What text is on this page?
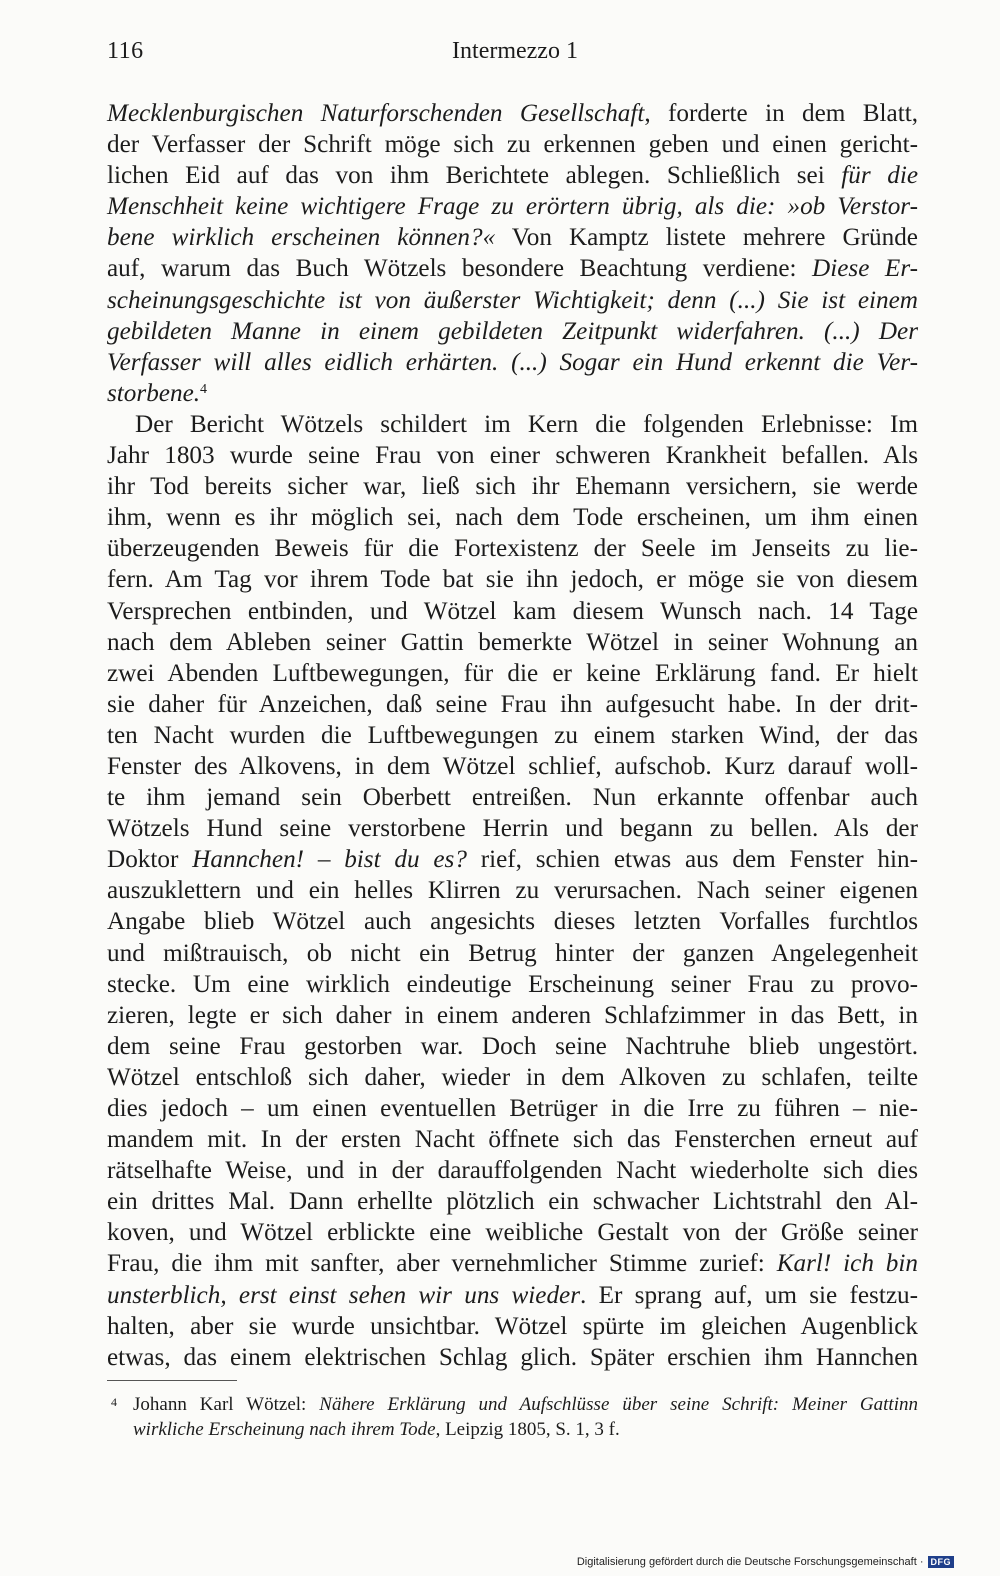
116	Intermezzo 1
Mecklenburgischen Naturforschenden Gesellschaft, forderte in dem Blatt,
der Verfasser der Schrift möge sich zu erkennen geben und einen gericht-
lichen Eid auf das von ihm Berichtete ablegen. Schließlich sei für die
Menschheit keine wichtigere Frage zu erörtern übrig, als die: »ob Verstor-
bene wirklich erscheinen können?« Von Kamptz listete mehrere Gründe
auf, warum das Buch Wötzels besondere Beachtung verdiene: Diese Er-
scheinungsgeschichte ist von äußerster Wichtigkeit; denn (...) Sie ist einem
gebildeten Manne in einem gebildeten Zeitpunkt widerfahren. (...) Der
Verfasser will alles eidlich erhärten. (...) Sogar ein Hund erkennt die Ver-
storbene.$^4$
Der Bericht Wötzels schildert im Kern die folgenden Erlebnisse: Im
Jahr 1803 wurde seine Frau von einer schweren Krankheit befallen. Als
ihr Tod bereits sicher war, ließ sich ihr Ehemann versichern, sie werde
ihm, wenn es ihr möglich sei, nach dem Tode erscheinen, um ihm einen
überzeugenden Beweis für die Fortexistenz der Seele im Jenseits zu lie-
fern. Am Tag vor ihrem Tode bat sie ihn jedoch, er möge sie von diesem
Versprechen entbinden, und Wötzel kam diesem Wunsch nach. 14 Tage
nach dem Ableben seiner Gattin bemerkte Wötzel in seiner Wohnung an
zwei Abenden Luftbewegungen, für die er keine Erklärung fand. Er hielt
sie daher für Anzeichen, daß seine Frau ihn aufgesucht habe. In der drit-
ten Nacht wurden die Luftbewegungen zu einem starken Wind, der das
Fenster des Alkovens, in dem Wötzel schlief, aufschob. Kurz darauf woll-
te ihm jemand sein Oberbett entreißen. Nun erkannte offenbar auch
Wötzels Hund seine verstorbene Herrin und begann zu bellen. Als der
Doktor Hannchen! – bist du es? rief, schien etwas aus dem Fenster hin-
auszuklettern und ein helles Klirren zu verursachen. Nach seiner eigenen
Angabe blieb Wötzel auch angesichts dieses letzten Vorfalles furchtlos
und mißtrauisch, ob nicht ein Betrug hinter der ganzen Angelegenheit
stecke. Um eine wirklich eindeutige Erscheinung seiner Frau zu provo-
zieren, legte er sich daher in einem anderen Schlafzimmer in das Bett, in
dem seine Frau gestorben war. Doch seine Nachtruhe blieb ungestört.
Wötzel entschloß sich daher, wieder in dem Alkoven zu schlafen, teilte
dies jedoch – um einen eventuellen Betrüger in die Irre zu führen – nie-
mandem mit. In der ersten Nacht öffnete sich das Fensterchen erneut auf
rätselhafte Weise, und in der darauffolgenden Nacht wiederholte sich dies
ein drittes Mal. Dann erhellte plötzlich ein schwacher Lichtstrahl den Al-
koven, und Wötzel erblickte eine weibliche Gestalt von der Größe seiner
Frau, die ihm mit sanfter, aber vernehmlicher Stimme zurief: Karl! ich bin
unsterblich, erst einst sehen wir uns wieder. Er sprang auf, um sie festzu-
halten, aber sie wurde unsichtbar. Wötzel spürte im gleichen Augenblick
etwas, das einem elektrischen Schlag glich. Später erschien ihm Hannchen
4 Johann Karl Wötzel: Nähere Erklärung und Aufschlüsse über seine Schrift: Meiner Gattinn
wirkliche Erscheinung nach ihrem Tode, Leipzig 1805, S. 1, 3 f.
Digitalisierung gefördert durch die Deutsche Forschungsgemeinschaft · DFG
